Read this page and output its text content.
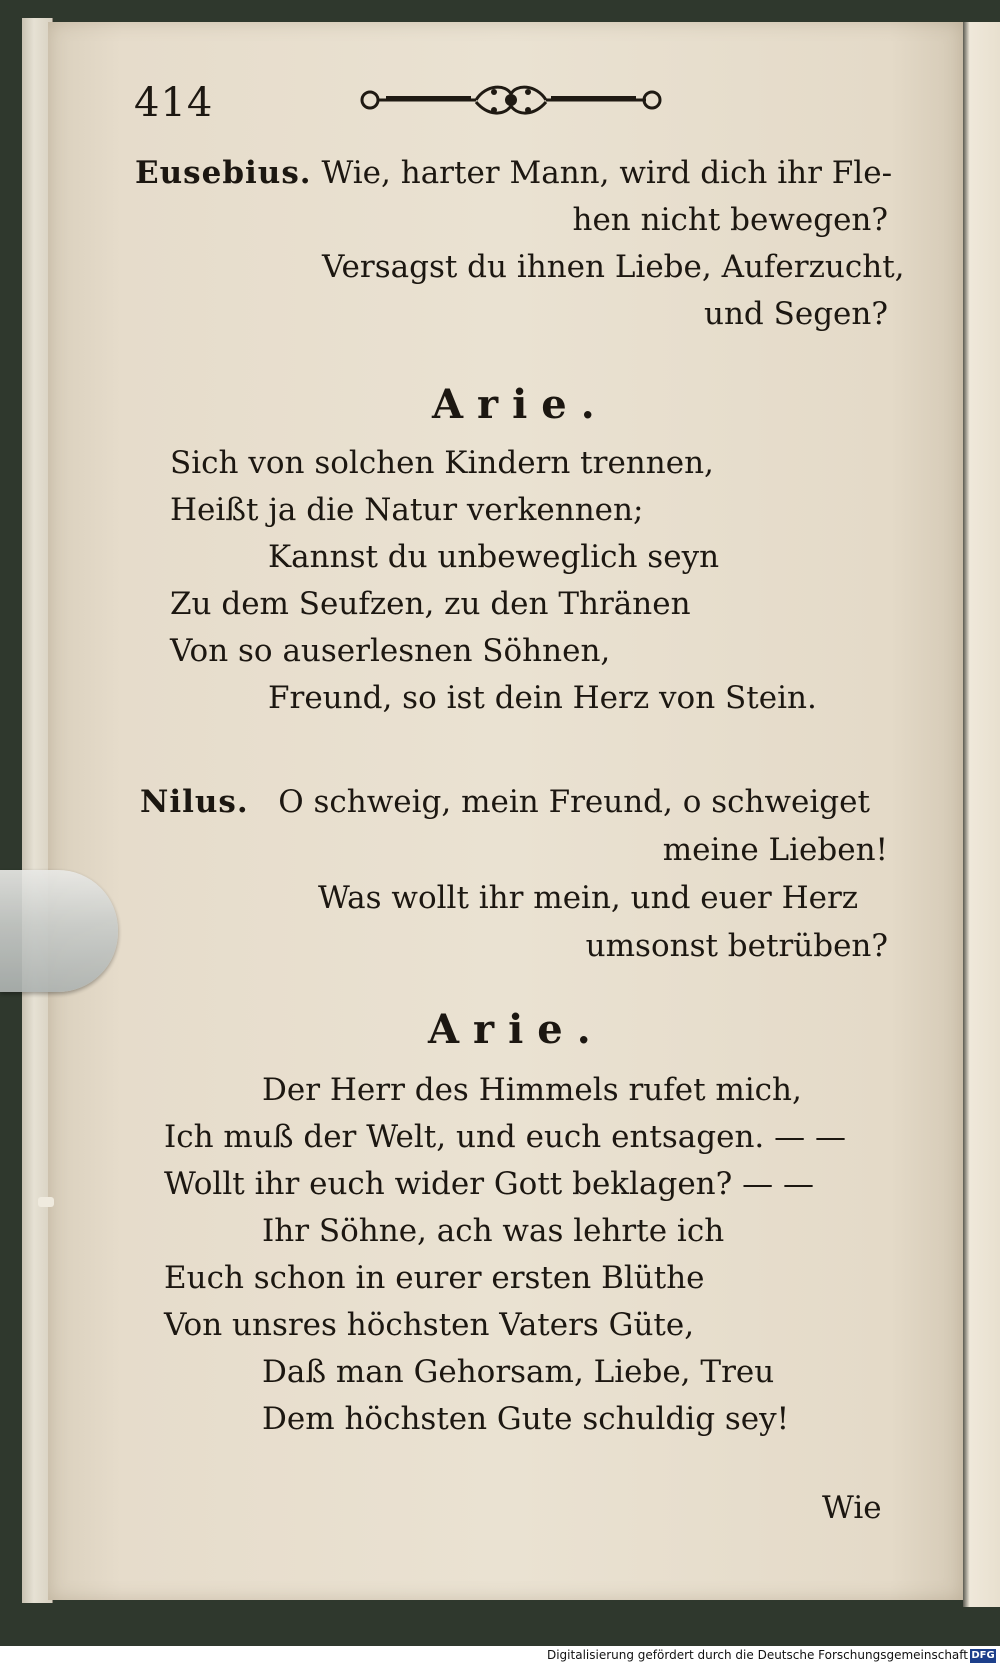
414
Eusebius. Wie, harter Mann, wird dich ihr Fle-
hen nicht bewegen?
Versagst du ihnen Liebe, Auferzucht,
und Segen?
Arie.
Sich von solchen Kindern trennen,
Heißt ja die Natur verkennen;
Kannst du unbeweglich seyn
Zu dem Seufzen, zu den Thränen
Von so auserlesnen Söhnen,
Freund, so ist dein Herz von Stein.
Nilus. O schweig, mein Freund, o schweiget
meine Lieben!
Was wollt ihr mein, und euer Herz
umsonst betrüben?
Arie.
Der Herr des Himmels rufet mich,
Ich muß der Welt, und euch entsagen. — —
Wollt ihr euch wider Gott beklagen? — —
Ihr Söhne, ach was lehrte ich
Euch schon in eurer ersten Blüthe
Von unsres höchsten Vaters Güte,
Daß man Gehorsam, Liebe, Treu
Dem höchsten Gute schuldig sey!
Wie
Digitalisierung gefördert durch die Deutsche Forschungsgemeinschaft DFG
